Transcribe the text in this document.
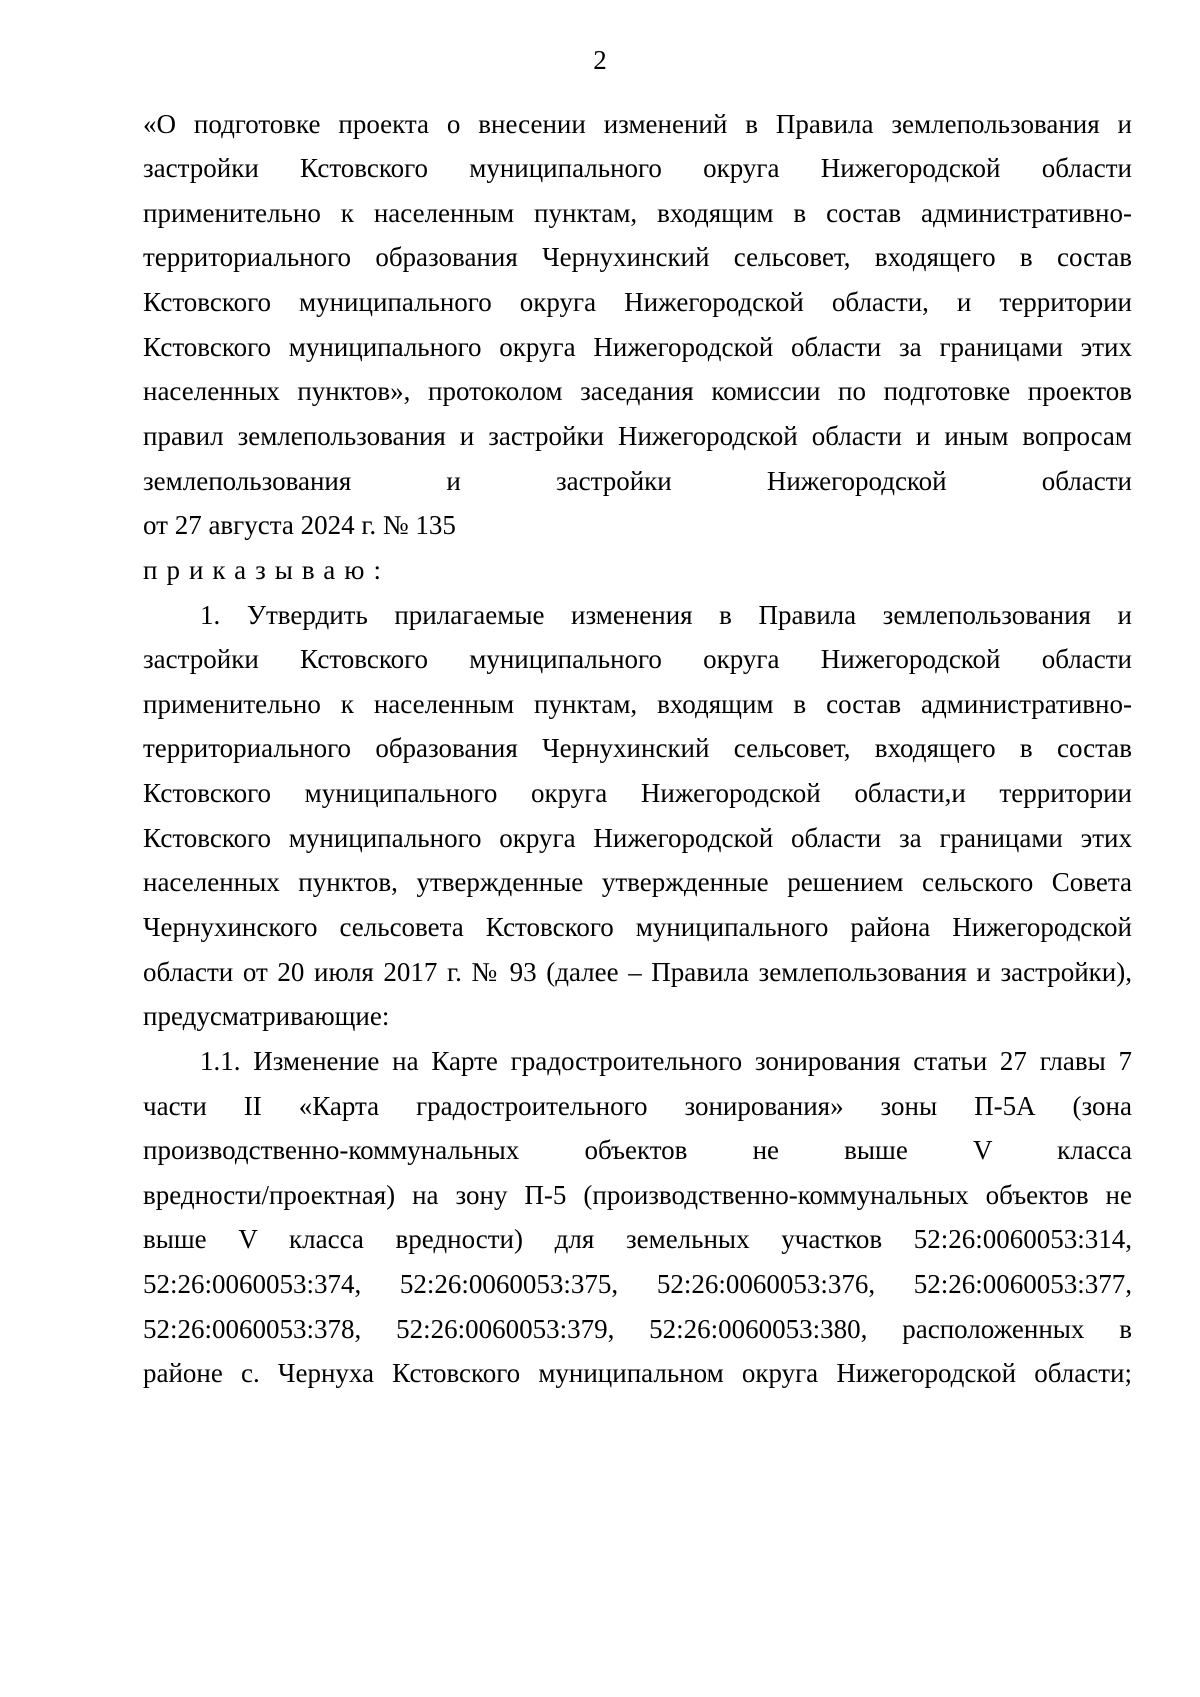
2
«О подготовке проекта о внесении изменений в Правила землепользования и
застройки Кстовского муниципального округа Нижегородской области
применительно к населенным пунктам, входящим в состав административно-
территориального образования Чернухинский сельсовет, входящего в состав
Кстовского муниципального округа Нижегородской области, и территории
Кстовского муниципального округа Нижегородской области за границами этих
населенных пунктов», протоколом заседания комиссии по подготовке проектов
правил землепользования и застройки Нижегородской области и иным вопросам
землепользования и застройки Нижегородской области
от 27 августа 2024 г. № 135
приказываю:
1. Утвердить прилагаемые изменения в Правила землепользования и
застройки Кстовского муниципального округа Нижегородской области
применительно к населенным пунктам, входящим в состав административно-
территориального образования Чернухинский сельсовет, входящего в состав
Кстовского муниципального округа Нижегородской области,и территории
Кстовского муниципального округа Нижегородской области за границами этих
населенных пунктов, утвержденные утвержденные решением сельского Совета
Чернухинского сельсовета Кстовского муниципального района Нижегородской
области от 20 июля 2017 г. № 93 (далее – Правила землепользования и застройки),
предусматривающие:
1.1. Изменение на Карте градостроительного зонирования статьи 27 главы 7
части II «Карта градостроительного зонирования» зоны П-5А (зона
производственно-коммунальных объектов не выше V класса
вредности/проектная) на зону П-5 (производственно-коммунальных объектов не
выше V класса вредности) для земельных участков 52:26:0060053:314,
52:26:0060053:374, 52:26:0060053:375, 52:26:0060053:376, 52:26:0060053:377,
52:26:0060053:378, 52:26:0060053:379, 52:26:0060053:380, расположенных в
районе с. Чернуха Кстовского муниципальном округа Нижегородской области;
